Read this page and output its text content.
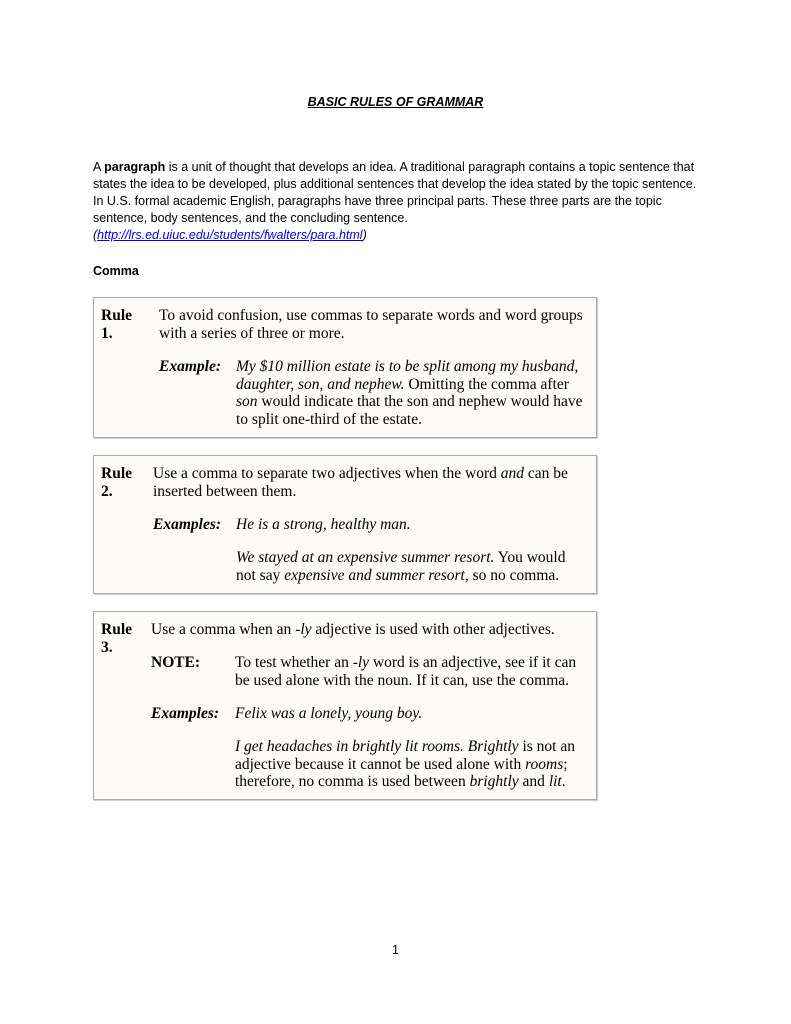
BASIC RULES OF GRAMMAR

A paragraph is a unit of thought that develops an idea. A traditional paragraph contains a topic sentence that states the idea to be developed, plus additional sentences that develop the idea stated by the topic sentence. In U.S. formal academic English, paragraphs have three principal parts. These three parts are the topic sentence, body sentences, and the concluding sentence.
(http://lrs.ed.uiuc.edu/students/fwalters/para.html)

Comma
Rule
1.

To avoid confusion, use commas to separate words and word groups with a series of three or more.

Example: My $10 million estate is to be split among my husband, daughter, son, and nephew. Omitting the comma after son would indicate that the son and nephew would have to split one-third of the estate.

Rule
2.

Use a comma to separate two adjectives when the word and can be inserted between them.

Examples: He is a strong, healthy man.

We stayed at an expensive summer resort. You would not say expensive and summer resort, so no comma.

Rule
3.

Use a comma when an -ly adjective is used with other adjectives.

NOTE: To test whether an -ly word is an adjective, see if it can be used alone with the noun. If it can, use the comma.

Examples: Felix was a lonely, young boy.

I get headaches in brightly lit rooms. Brightly is not an adjective because it cannot be used alone with rooms; therefore, no comma is used between brightly and lit.

1
